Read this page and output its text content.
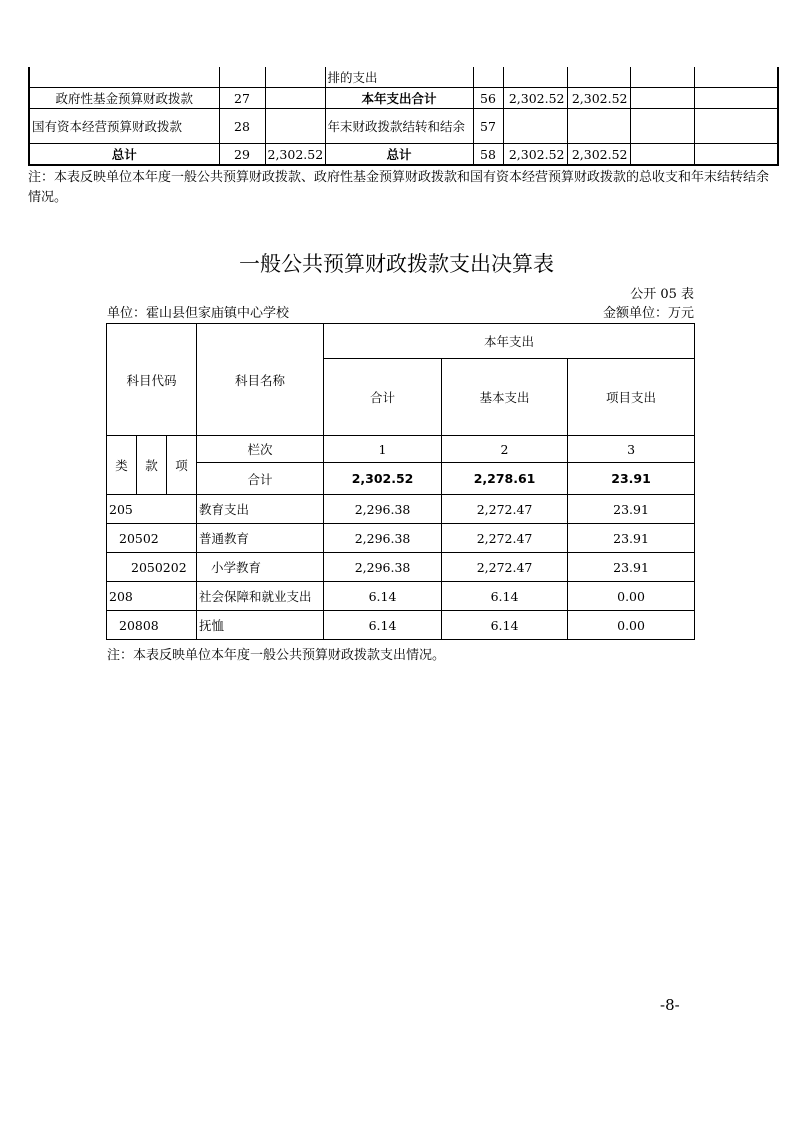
			排的支出					
政府性基金预算财政拨款	27		本年支出合计	56	2,302.52	2,302.52		
国有资本经营预算财政拨款	28		年末财政拨款结转和结余	57				
总计	29	2,302.52	总计	58	2,302.52	2,302.52		
注：本表反映单位本年度一般公共预算财政拨款、政府性基金预算财政拨款和国有资本经营预算财政拨款的总收支和年末结转结余情况。
一般公共预算财政拨款支出决算表
公开 05 表
单位：霍山县但家庙镇中心学校	金额单位：万元
科目代码			科目名称	本年支出		
				合计	基本支出	项目支出
类	款	项	栏次	1	2	3
			合计	2,302.52	2,278.61	23.91
205			教育支出	2,296.38	2,272.47	23.91
20502			普通教育	2,296.38	2,272.47	23.91
2050202			小学教育	2,296.38	2,272.47	23.91
208			社会保障和就业支出	6.14	6.14	0.00
20808			抚恤	6.14	6.14	0.00
注：本表反映单位本年度一般公共预算财政拨款支出情况。
-8-
